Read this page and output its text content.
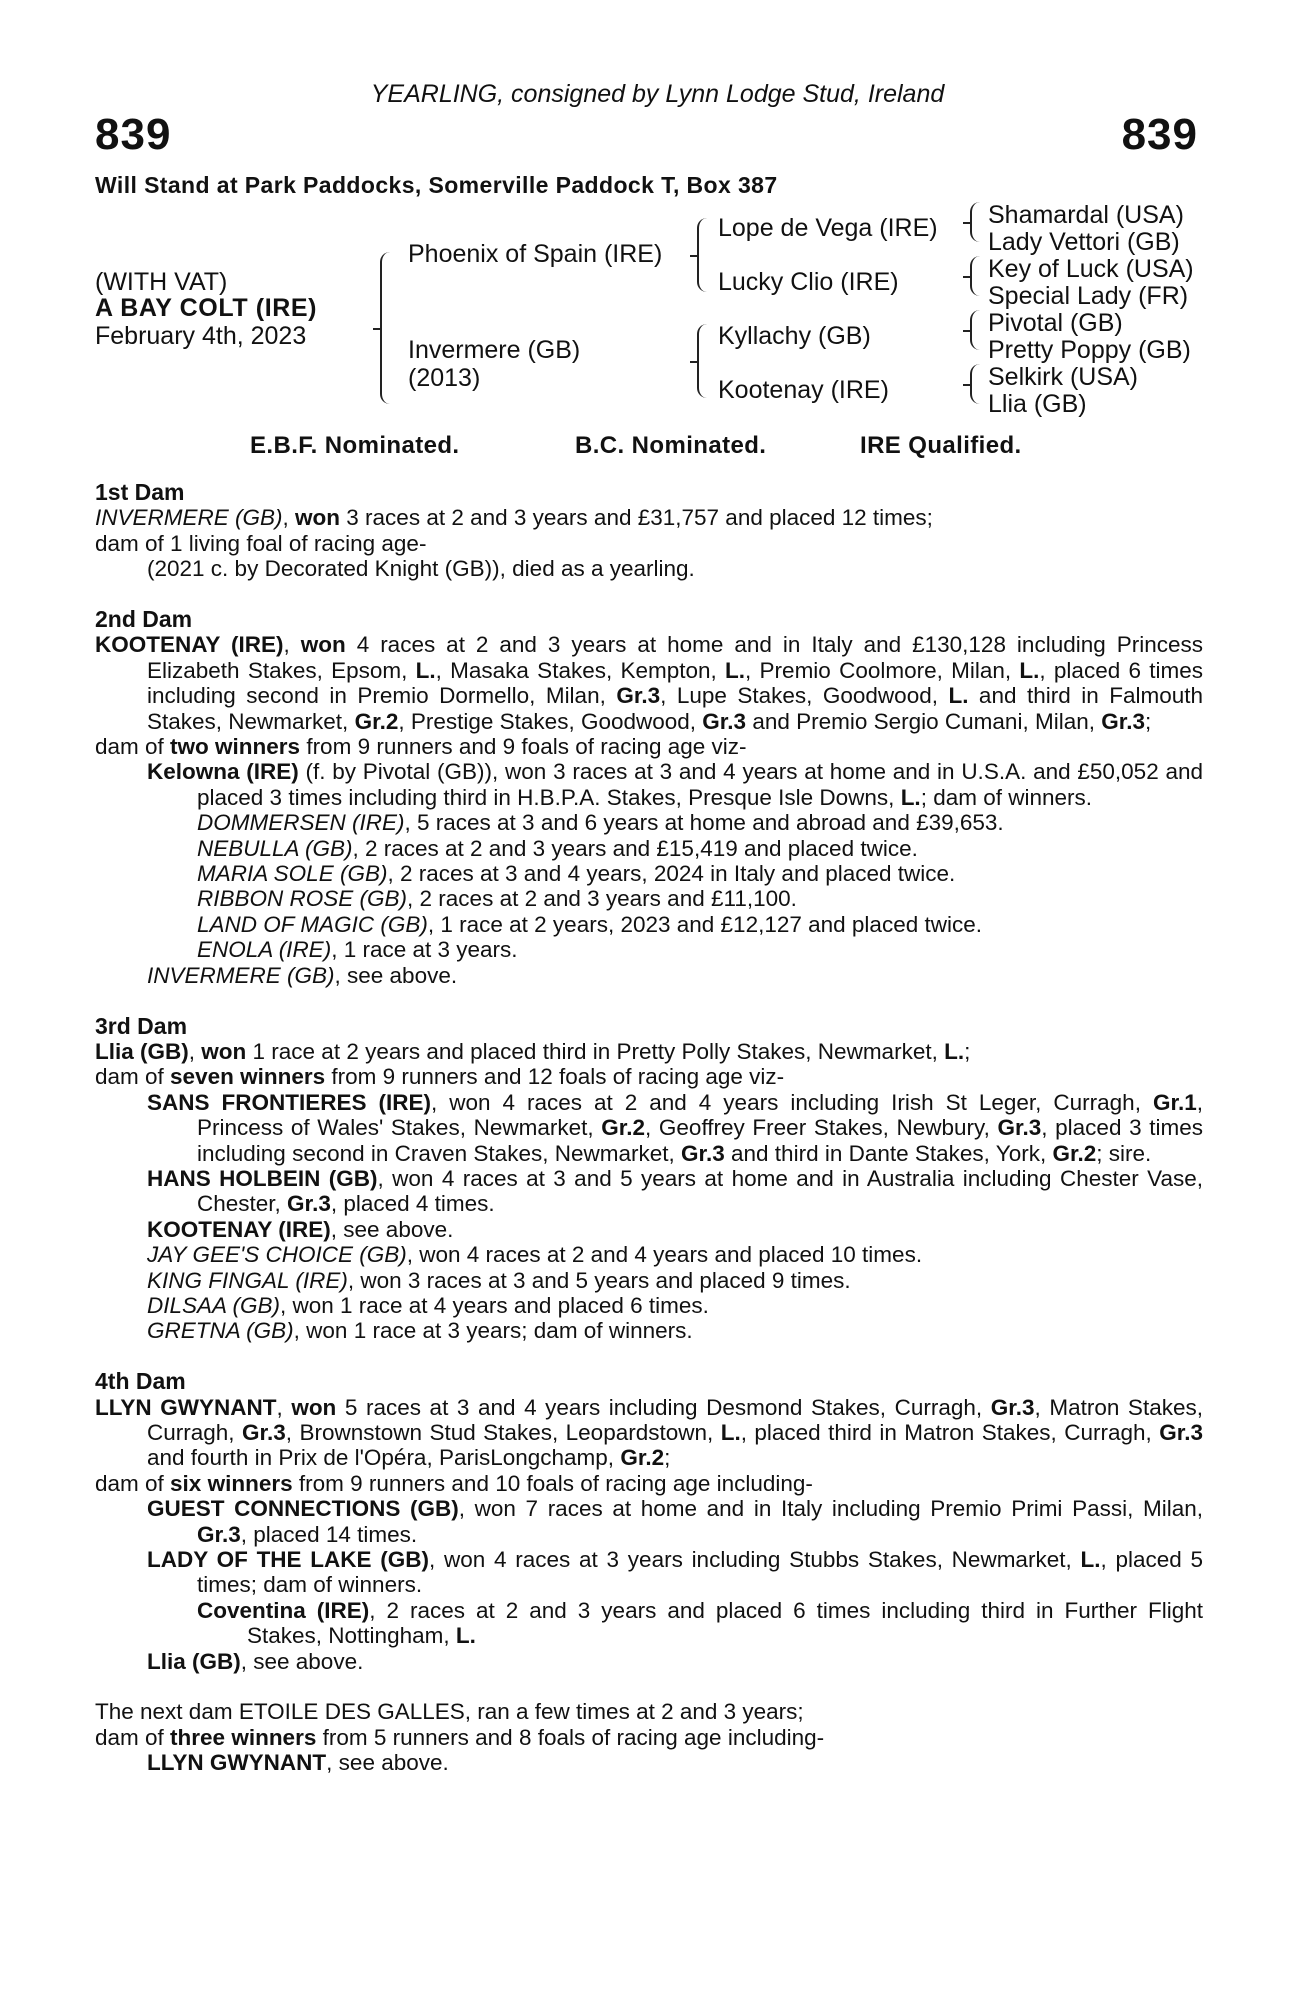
YEARLING, consigned by Lynn Lodge Stud, Ireland
839	839
Will Stand at Park Paddocks, Somerville Paddock T, Box 387
(WITH VAT)
A BAY COLT (IRE)
February 4th, 2023
Phoenix of Spain (IRE)
Invermere (GB)
(2013)
Lope de Vega (IRE)
Lucky Clio (IRE)
Kyllachy (GB)
Kootenay (IRE)
Shamardal (USA)
Lady Vettori (GB)
Key of Luck (USA)
Special Lady (FR)
Pivotal (GB)
Pretty Poppy (GB)
Selkirk (USA)
Llia (GB)
E.B.F. Nominated.	B.C. Nominated.	IRE Qualified.

1st Dam

INVERMERE (GB), won 3 races at 2 and 3 years and £31,757 and placed 12 times;

dam of 1 living foal of racing age-

(2021 c. by Decorated Knight (GB)), died as a yearling.

2nd Dam

KOOTENAY (IRE), won 4 races at 2 and 3 years at home and in Italy and £130,128 including Princess Elizabeth Stakes, Epsom, L., Masaka Stakes, Kempton, L., Premio Coolmore, Milan, L., placed 6 times including second in Premio Dormello, Milan, Gr.3, Lupe Stakes, Goodwood, L. and third in Falmouth Stakes, Newmarket, Gr.2, Prestige Stakes, Goodwood, Gr.3 and Premio Sergio Cumani, Milan, Gr.3;

dam of two winners from 9 runners and 9 foals of racing age viz-

Kelowna (IRE) (f. by Pivotal (GB)), won 3 races at 3 and 4 years at home and in U.S.A. and £50,052 and placed 3 times including third in H.B.P.A. Stakes, Presque Isle Downs, L.; dam of winners.

DOMMERSEN (IRE), 5 races at 3 and 6 years at home and abroad and £39,653.

NEBULLA (GB), 2 races at 2 and 3 years and £15,419 and placed twice.

MARIA SOLE (GB), 2 races at 3 and 4 years, 2024 in Italy and placed twice.

RIBBON ROSE (GB), 2 races at 2 and 3 years and £11,100.

LAND OF MAGIC (GB), 1 race at 2 years, 2023 and £12,127 and placed twice.

ENOLA (IRE), 1 race at 3 years.

INVERMERE (GB), see above.

3rd Dam

Llia (GB), won 1 race at 2 years and placed third in Pretty Polly Stakes, Newmarket, L.;

dam of seven winners from 9 runners and 12 foals of racing age viz-

SANS FRONTIERES (IRE), won 4 races at 2 and 4 years including Irish St Leger, Curragh, Gr.1, Princess of Wales' Stakes, Newmarket, Gr.2, Geoffrey Freer Stakes, Newbury, Gr.3, placed 3 times including second in Craven Stakes, Newmarket, Gr.3 and third in Dante Stakes, York, Gr.2; sire.

HANS HOLBEIN (GB), won 4 races at 3 and 5 years at home and in Australia including Chester Vase, Chester, Gr.3, placed 4 times.

KOOTENAY (IRE), see above.

JAY GEE'S CHOICE (GB), won 4 races at 2 and 4 years and placed 10 times.

KING FINGAL (IRE), won 3 races at 3 and 5 years and placed 9 times.

DILSAA (GB), won 1 race at 4 years and placed 6 times.

GRETNA (GB), won 1 race at 3 years; dam of winners.

4th Dam

LLYN GWYNANT, won 5 races at 3 and 4 years including Desmond Stakes, Curragh, Gr.3, Matron Stakes, Curragh, Gr.3, Brownstown Stud Stakes, Leopardstown, L., placed third in Matron Stakes, Curragh, Gr.3 and fourth in Prix de l'Opéra, ParisLongchamp, Gr.2;

dam of six winners from 9 runners and 10 foals of racing age including-

GUEST CONNECTIONS (GB), won 7 races at home and in Italy including Premio Primi Passi, Milan, Gr.3, placed 14 times.

LADY OF THE LAKE (GB), won 4 races at 3 years including Stubbs Stakes, Newmarket, L., placed 5 times; dam of winners.

Coventina (IRE), 2 races at 2 and 3 years and placed 6 times including third in Further Flight Stakes, Nottingham, L.

Llia (GB), see above.

The next dam ETOILE DES GALLES, ran a few times at 2 and 3 years;

dam of three winners from 5 runners and 8 foals of racing age including-

LLYN GWYNANT, see above.
